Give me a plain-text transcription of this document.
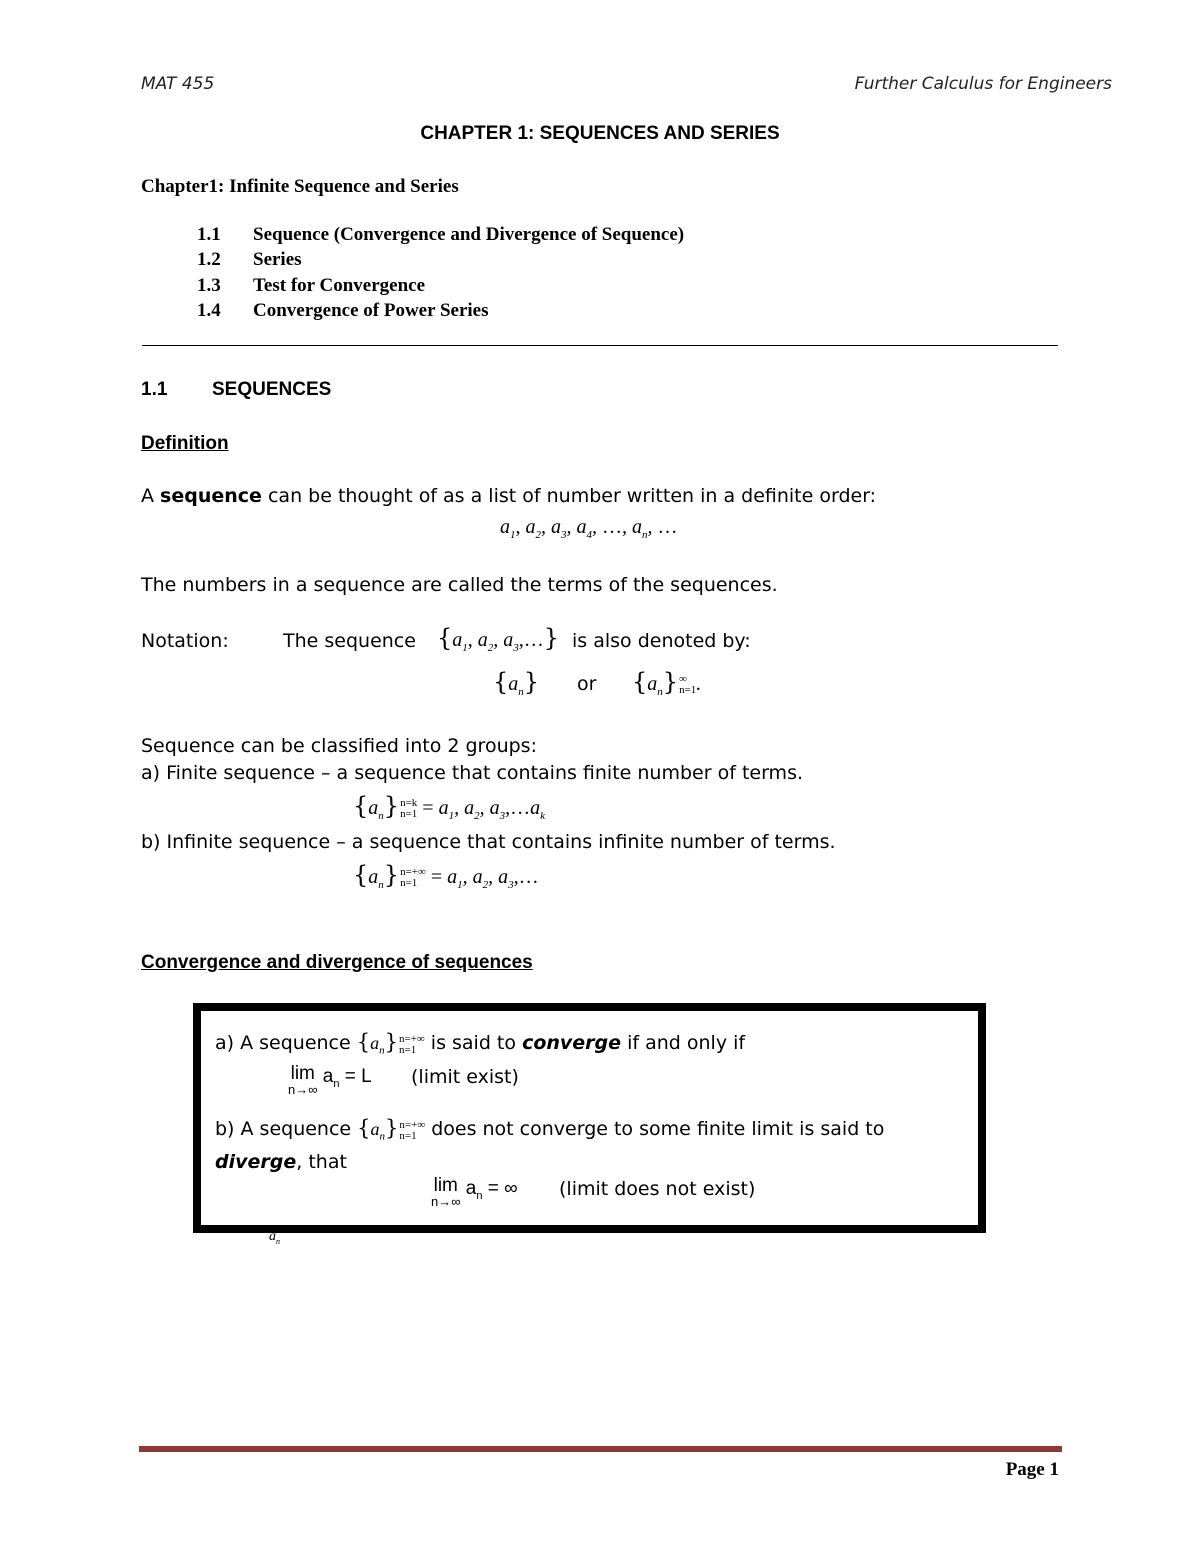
MAT 455	Further Calculus for Engineers
CHAPTER 1: SEQUENCES AND SERIES
Chapter1: Infinite Sequence and Series
1.1 Sequence (Convergence and Divergence of Sequence)
1.2 Series
1.3 Test for Convergence
1.4 Convergence of Power Series
1.1 SEQUENCES
Definition
A sequence can be thought of as a list of number written in a definite order:
$a_1$, $a_2$, $a_3$, $a_4$, …, $a_n$, …
The numbers in a sequence are called the terms of the sequences.
Notation:	The sequence {$a_1$, $a_2$, $a_3,\dots$} is also denoted by:
$\{a_n\}$ or $\{a_n\}\infty$
n=1.
Sequence can be classified into 2 groups:
a) Finite sequence – a sequence that contains finite number of terms.
$\{a_n\}n=k$
$n=1 = a_1$, $a_2$, $a_3,\dots a_k$
b) Infinite sequence – a sequence that contains infinite number of terms.
$\{a_n\}n=+\infty$
$n=1 = a_1$, $a_2$, $a_3,\dots$
Convergence and divergence of sequences
a) A sequence $\{a_n\}n=+\infty$
n=1 is said to converge if and only if
lim
n→∞
$a_n = L$ (limit exist)
b) A sequence $\{a_n\}n=+\infty$
n=1 does not converge to some finite limit is said to
diverge, that
lim
n→∞
$a_n$ = ∞ (limit does not exist)
$a_n$
Page 1
